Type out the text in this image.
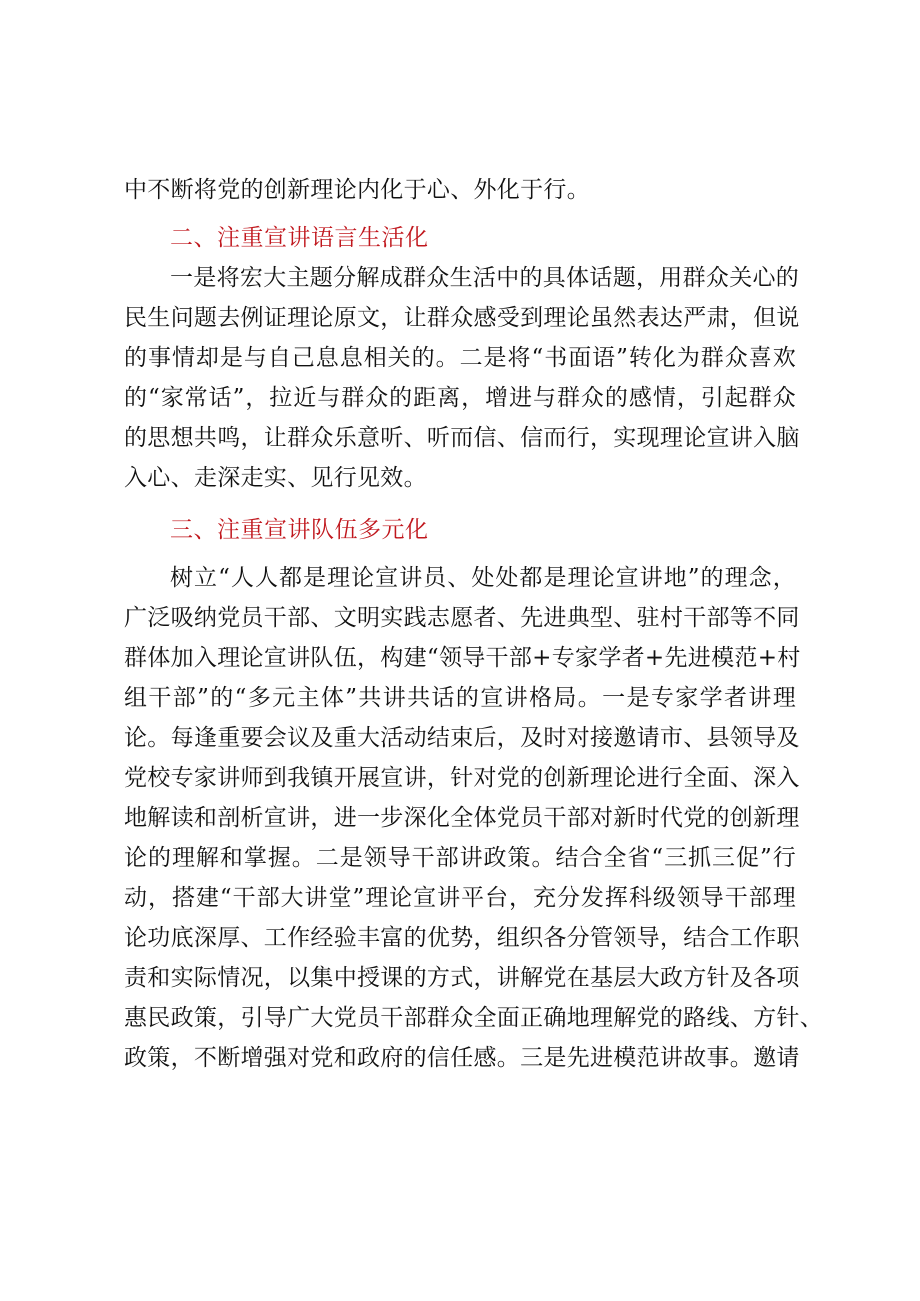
中不断将党的创新理论内化于心、外化于行。
二、注重宣讲语言生活化
一是将宏大主题分解成群众生活中的具体话题，用群众关心的
民生问题去例证理论原文，让群众感受到理论虽然表达严肃，但说
的事情却是与自己息息相关的。二是将“书面语”转化为群众喜欢
的“家常话”，拉近与群众的距离，增进与群众的感情，引起群众
的思想共鸣，让群众乐意听、听而信、信而行，实现理论宣讲入脑
入心、走深走实、见行见效。
三、注重宣讲队伍多元化
树立“人人都是理论宣讲员、处处都是理论宣讲地”的理念，
广泛吸纳党员干部、文明实践志愿者、先进典型、驻村干部等不同
群体加入理论宣讲队伍，构建“领导干部+专家学者+先进模范+村
组干部”的“多元主体”共讲共话的宣讲格局。一是专家学者讲理
论。每逢重要会议及重大活动结束后，及时对接邀请市、县领导及
党校专家讲师到我镇开展宣讲，针对党的创新理论进行全面、深入
地解读和剖析宣讲，进一步深化全体党员干部对新时代党的创新理
论的理解和掌握。二是领导干部讲政策。结合全省“三抓三促”行
动，搭建“干部大讲堂”理论宣讲平台，充分发挥科级领导干部理
论功底深厚、工作经验丰富的优势，组织各分管领导，结合工作职
责和实际情况，以集中授课的方式，讲解党在基层大政方针及各项
惠民政策，引导广大党员干部群众全面正确地理解党的路线、方针、
政策，不断增强对党和政府的信任感。三是先进模范讲故事。邀请
